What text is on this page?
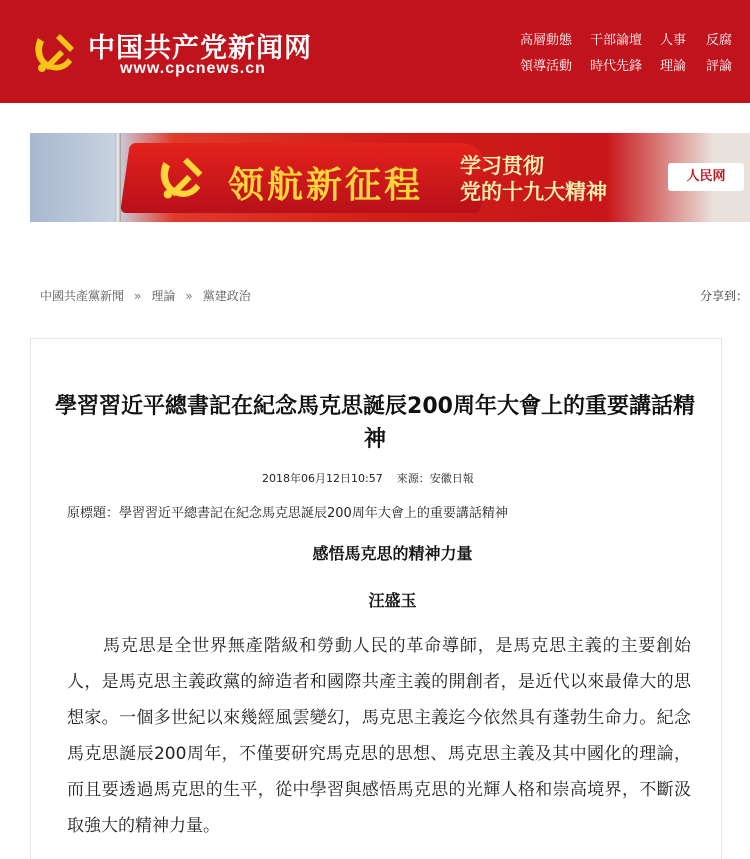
中国共产党新闻网
www.cpcnews.cn
高層動態 干部論壇 人事 反腐
領導活動 時代先鋒 理論 評論
领航新征程 学习贯彻
党的十九大精神
人民网
中國共產黨新聞 » 理論 » 黨建政治	分享到：
學習習近平總書記在紀念馬克思誕辰200周年大會上的重要講話精神
2018年06月12日10:57 來源：安徽日報
原標題：學習習近平總書記在紀念馬克思誕辰200周年大會上的重要講話精神
感悟馬克思的精神力量
汪盛玉
馬克思是全世界無產階級和勞動人民的革命導師，是馬克思主義的主要創始人，是馬克思主義政黨的締造者和國際共產主義的開創者，是近代以來最偉大的思想家。一個多世紀以來幾經風雲變幻，馬克思主義迄今依然具有蓬勃生命力。紀念馬克思誕辰200周年，不僅要研究馬克思的思想、馬克思主義及其中國化的理論，而且要透過馬克思的生平，從中學習與感悟馬克思的光輝人格和崇高境界，不斷汲取強大的精神力量。
